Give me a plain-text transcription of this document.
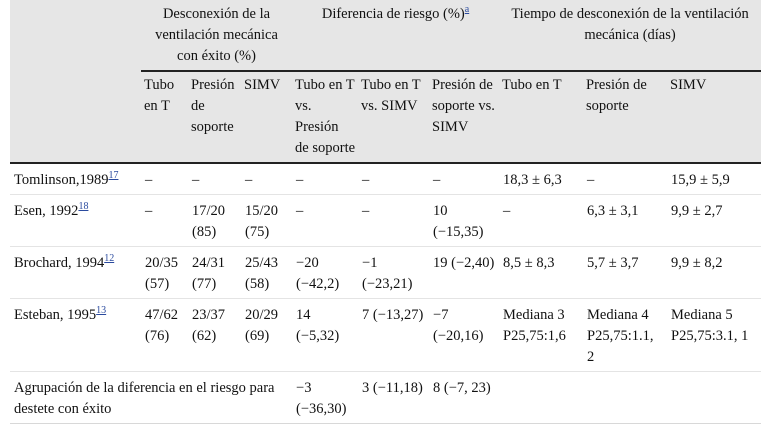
	Desconexión de la ventilación mecánica con éxito (%)			Diferencia de riesgo (%)$^a$			Tiempo de desconexión de la ventilación mecánica (días)		
	Tubo en T	Presión de soporte	SIMV	Tubo en T vs. Presión de soporte	Tubo en T vs. SIMV	Presión de soporte vs. SIMV	Tubo en T	Presión de soporte	SIMV
Tomlinson,1989$^{17}$	–	–	–	–	–	–	18,3 ± 6,3	–	15,9 ± 5,9
Esen, 1992$^{18}$	–	17/20 (85)	15/20 (75)	–	–	10 (−15,35)	–	6,3 ± 3,1	9,9 ± 2,7
Brochard, 1994$^{12}$	20/35 (57)	24/31 (77)	25/43 (58)	−20 (−42,2)	−1 (−23,21)	19 (−2,40)	8,5 ± 8,3	5,7 ± 3,7	9,9 ± 8,2
Esteban, 1995$^{13}$	47/62 (76)	23/37 (62)	20/29 (69)	14 (−5,32)	7 (−13,27)	−7 (−20,16)	Mediana 3 P25,75:1,6	Mediana 4 P25,75:1.1, 2	Mediana 5 P25,75:3.1, 1
Agrupación de la diferencia en el riesgo para destete con éxito				−3 (−36,30)	3 (−11,18)	8 (−7, 23)			
